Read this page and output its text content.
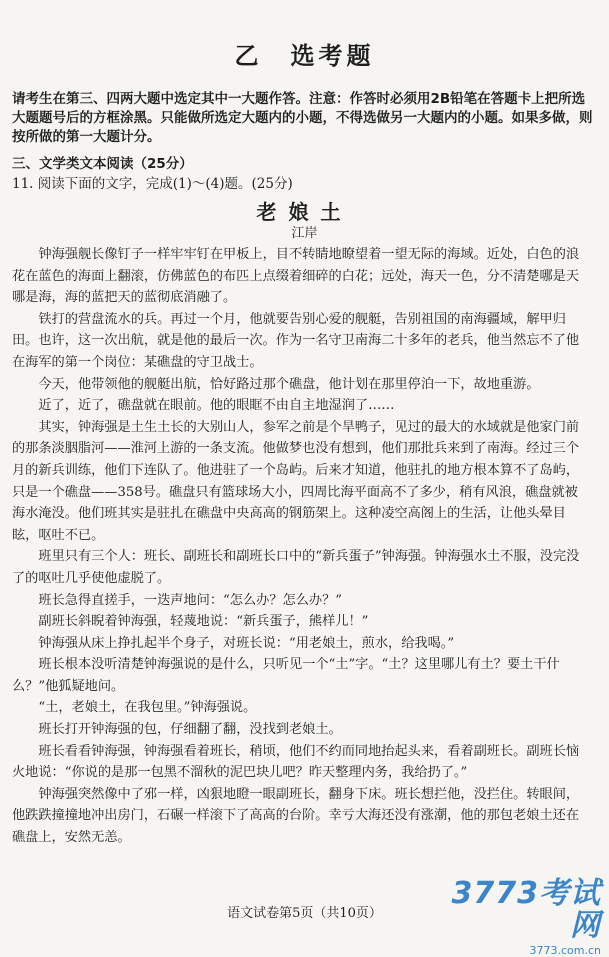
乙　选考题
请考生在第三、四两大题中选定其中一大题作答。注意：作答时必须用2B铅笔在答题卡上把所选大题题号后的方框涂黑。只能做所选定大题内的小题，不得选做另一大题内的小题。如果多做，则按所做的第一大题计分。
三、文学类文本阅读（25分）
11. 阅读下面的文字，完成(1)～(4)题。(25分)
老娘土
江岸

钟海强舰长像钉子一样牢牢钉在甲板上，目不转睛地瞭望着一望无际的海域。近处，白色的浪花在蓝色的海面上翻滚，仿佛蓝色的布匹上点缀着细碎的白花；远处，海天一色，分不清楚哪是天哪是海，海的蓝把天的蓝彻底消融了。

铁打的营盘流水的兵。再过一个月，他就要告别心爱的舰艇，告别祖国的南海疆域，解甲归田。也许，这一次出航，就是他的最后一次。作为一名守卫南海二十多年的老兵，他当然忘不了他在海军的第一个岗位：某礁盘的守卫战士。

今天，他带领他的舰艇出航，恰好路过那个礁盘，他计划在那里停泊一下，故地重游。

近了，近了，礁盘就在眼前。他的眼眶不由自主地湿润了……

其实，钟海强是土生土长的大别山人，参军之前是个旱鸭子，见过的最大的水域就是他家门前的那条淡胭脂河——淮河上游的一条支流。他做梦也没有想到，他们那批兵来到了南海。经过三个月的新兵训练，他们下连队了。他进驻了一个岛屿。后来才知道，他驻扎的地方根本算不了岛屿，只是一个礁盘——358号。礁盘只有篮球场大小，四周比海平面高不了多少，稍有风浪，礁盘就被海水淹没。他们班其实是驻扎在礁盘中央高高的钢筋架上。这种凌空高阁上的生活，让他头晕目眩，呕吐不已。

班里只有三个人：班长、副班长和副班长口中的“新兵蛋子”钟海强。钟海强水土不服，没完没了的呕吐几乎使他虚脱了。

班长急得直搓手，一迭声地问：“怎么办？怎么办？”

副班长斜睨着钟海强，轻蔑地说：“新兵蛋子，熊样儿！”

钟海强从床上挣扎起半个身子，对班长说：“用老娘土，煎水，给我喝。”

班长根本没听清楚钟海强说的是什么，只听见一个“土”字。“土？这里哪儿有土？要土干什么？”他狐疑地问。

“土，老娘土，在我包里。”钟海强说。

班长打开钟海强的包，仔细翻了翻，没找到老娘土。

班长看看钟海强，钟海强看着班长，稍顷，他们不约而同地抬起头来，看着副班长。副班长恼火地说：“你说的是那一包黑不溜秋的泥巴块儿吧？昨天整理内务，我给扔了。”

钟海强突然像中了邪一样，凶狠地瞪一眼副班长，翻身下床。班长想拦他，没拦住。转眼间，他跌跌撞撞地冲出房门，石碾一样滚下了高高的台阶。幸亏大海还没有涨潮，他的那包老娘土还在礁盘上，安然无恙。

语文试卷第5页（共10页）
3773考试网
3773.com.cn
